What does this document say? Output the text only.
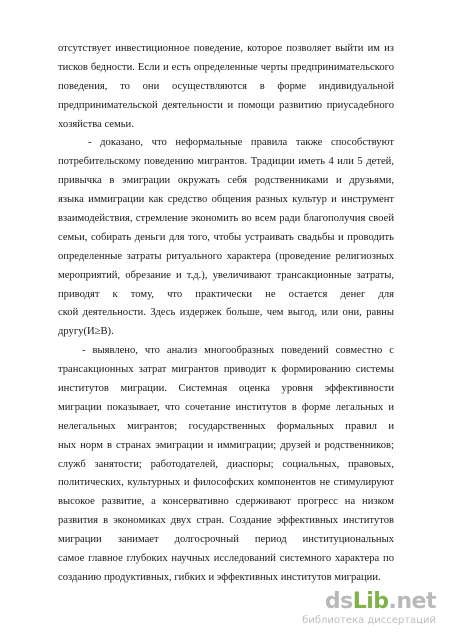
отсутствует инвестиционное поведение, которое позволяет выйти им из
тисков бедности. Если и есть определенные черты предпринимательского
поведения, то они осуществляются в форме индивидуальной
предпринимательской деятельности и помощи развитию приусадебного
хозяйства семьи.
- доказано, что неформальные правила также способствуют
потребительскому поведению мигрантов. Традиции иметь 4 или 5 детей,
привычка в эмиграции окружать себя родственниками и друзьями,
языка иммиграции как средство общения разных культур и инструмент
взаимодействия, стремление экономить во всем ради благополучия своей
семьи, собирать деньги для того, чтобы устраивать свадьбы и проводить
определенные затраты ритуального характера (проведение религиозных
мероприятий, обрезание и т.д.), увеличивают трансакционные затраты,
приводят к тому, что практически не остается денег для
ской деятельности. Здесь издержек больше, чем выгод, или они, равны
другу(И≥В).
- выявлено, что анализ многообразных поведений совместно с
трансакционных затрат мигрантов приводит к формированию системы
институтов миграции. Системная оценка уровня эффективности
миграции показывает, что сочетание институтов в форме легальных и
нелегальных мигрантов; государственных формальных правил и
ных норм в странах эмиграции и иммиграции; друзей и родственников;
служб занятости; работодателей, диаспоры; социальных, правовых,
политических, культурных и философских компонентов не стимулируют
высокое развитие, а консервативно сдерживают прогресс на низком
развития в экономиках двух стран. Создание эффективных институтов
миграции занимает долгосрочный период институциональных
самое главное глубоких научных исследований системного характера по
созданию продуктивных, гибких и эффективных институтов миграции.
dsLib.net
библиотека диссертаций
